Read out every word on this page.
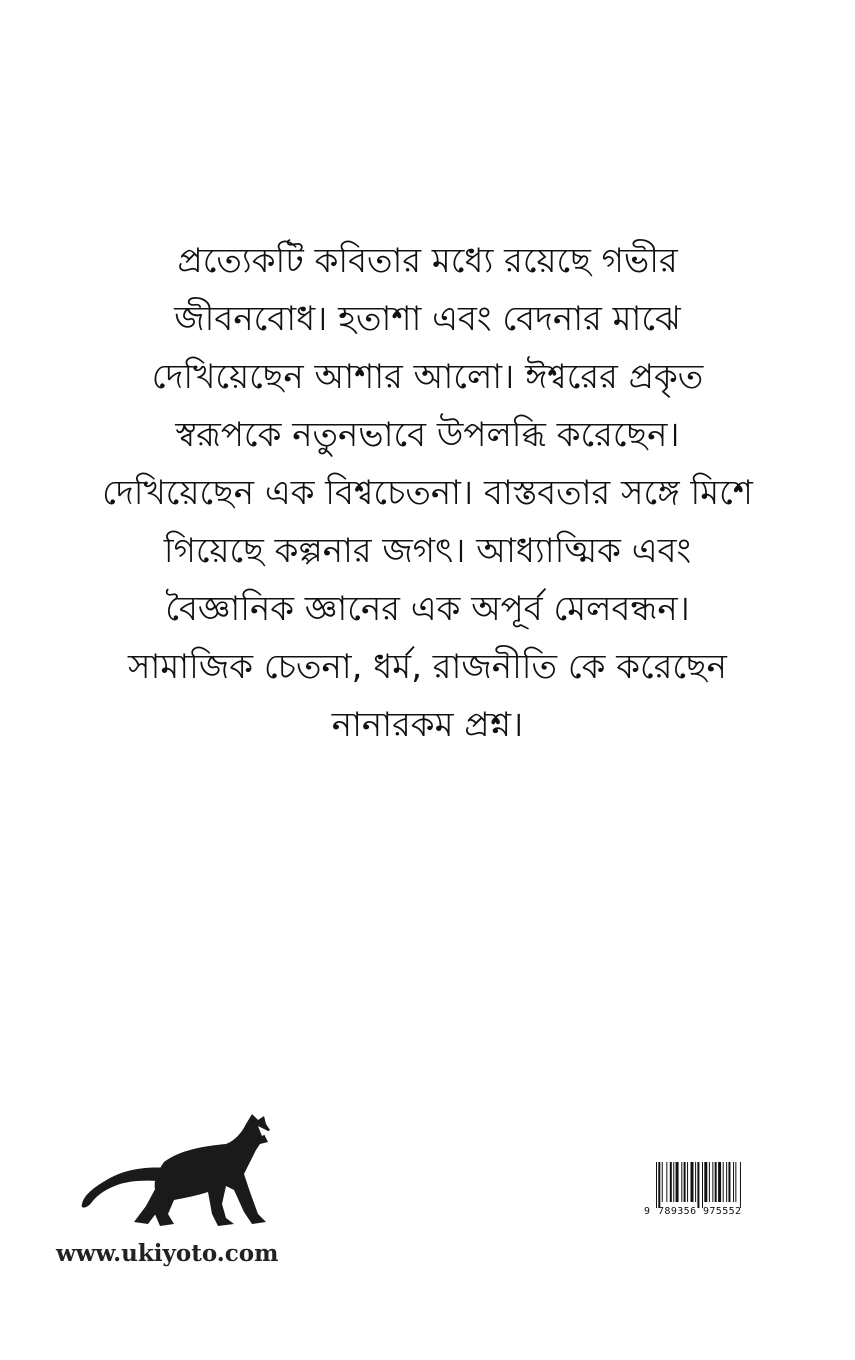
প্রত্যেকটি কবিতার মধ্যে রয়েছে গভীর
জীবনবোধ। হতাশা এবং বেদনার মাঝে
দেখিয়েছেন আশার আলো। ঈশ্বরের প্রকৃত
স্বরূপকে নতুনভাবে উপলব্ধি করেছেন।
দেখিয়েছেন এক বিশ্বচেতনা। বাস্তবতার সঙ্গে মিশে
গিয়েছে কল্পনার জগৎ। আধ্যাত্মিক এবং
বৈজ্ঞানিক জ্ঞানের এক অপূর্ব মেলবন্ধন।
সামাজিক চেতনা, ধর্ম, রাজনীতি কে করেছেন
নানারকম প্রশ্ন।
www.ukiyoto.com
9 789356 975552
